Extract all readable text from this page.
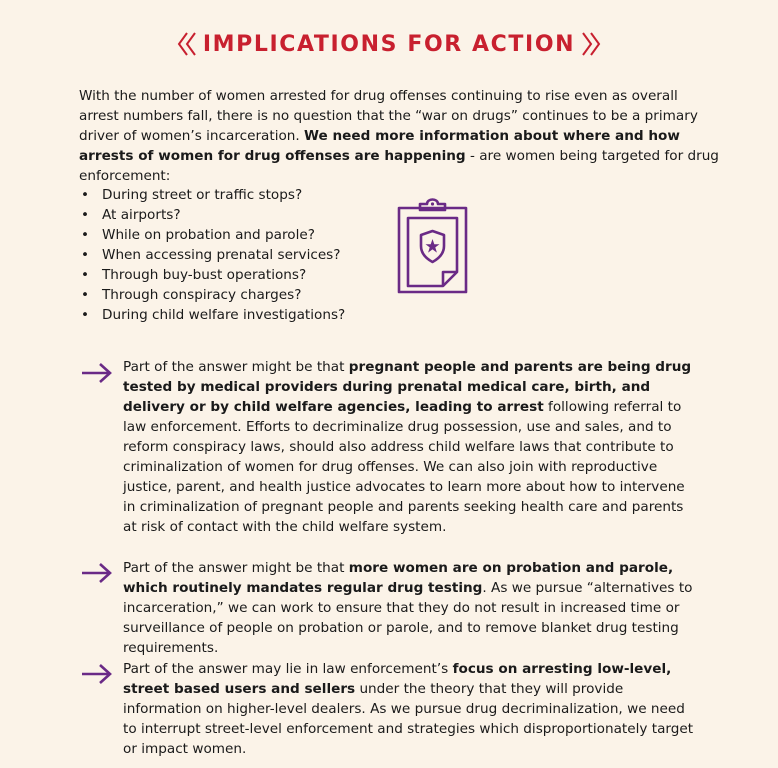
IMPLICATIONS FOR ACTION

With the number of women arrested for drug offenses continuing to rise even as overall arrest numbers fall, there is no question that the “war on drugs” continues to be a primary driver of women’s incarceration. We need more information about where and how arrests of women for drug offenses are happening - are women being targeted for drug enforcement:

• During street or traffic stops?
• At airports?
• While on probation and parole?
• When accessing prenatal services?
• Through buy-bust operations?
• Through conspiracy charges?
• During child welfare investigations?

Part of the answer might be that pregnant people and parents are being drug tested by medical providers during prenatal medical care, birth, and delivery or by child welfare agencies, leading to arrest following referral to law enforcement. Efforts to decriminalize drug possession, use and sales, and to reform conspiracy laws, should also address child welfare laws that contribute to criminalization of women for drug offenses. We can also join with reproductive justice, parent, and health justice advocates to learn more about how to intervene in criminalization of pregnant people and parents seeking health care and parents at risk of contact with the child welfare system.

Part of the answer might be that more women are on probation and parole, which routinely mandates regular drug testing. As we pursue “alternatives to incarceration,” we can work to ensure that they do not result in increased time or surveillance of people on probation or parole, and to remove blanket drug testing requirements.

Part of the answer may lie in law enforcement’s focus on arresting low-level, street based users and sellers under the theory that they will provide information on higher-level dealers. As we pursue drug decriminalization, we need to interrupt street-level enforcement and strategies which disproportionately target or impact women.
